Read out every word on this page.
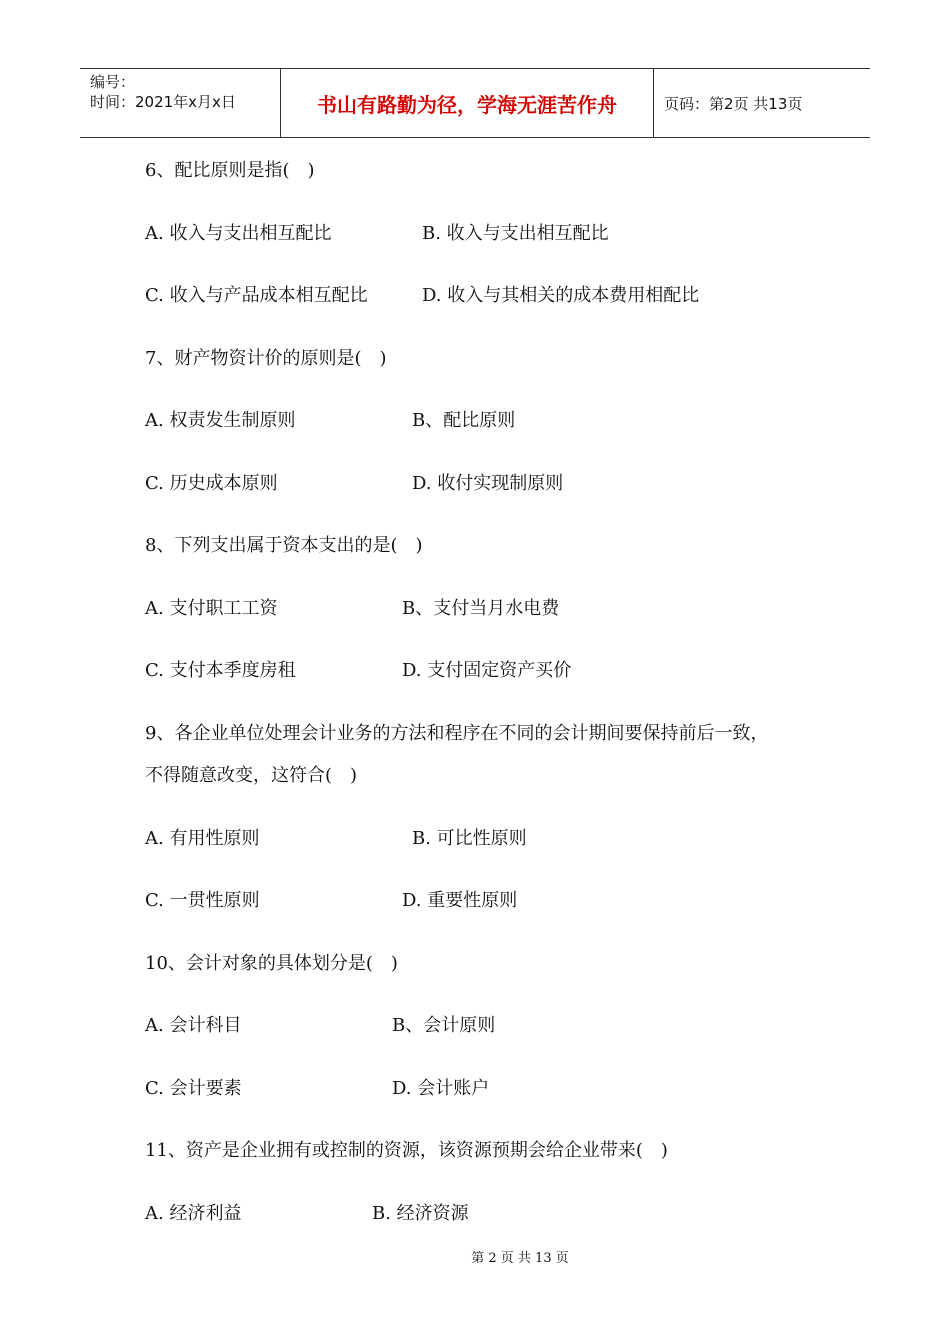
编号：
时间：2021年x月x日	书山有路勤为径，学海无涯苦作舟	页码：第2页 共13页
6、配比原则是指(　)
A. 收入与支出相互配比	B. 收入与支出相互配比
C. 收入与产品成本相互配比	D. 收入与其相关的成本费用相配比
7、财产物资计价的原则是(　)
A. 权责发生制原则	B、配比原则
C. 历史成本原则	D. 收付实现制原则
8、下列支出属于资本支出的是(　)
A. 支付职工工资	B、支付当月水电费
C. 支付本季度房租	D. 支付固定资产买价
9、各企业单位处理会计业务的方法和程序在不同的会计期间要保持前后一致，
不得随意改变，这符合(　)
A. 有用性原则	B. 可比性原则
C. 一贯性原则	D. 重要性原则
10、会计对象的具体划分是(　)
A. 会计科目	B、会计原则
C. 会计要素	D. 会计账户
11、资产是企业拥有或控制的资源，该资源预期会给企业带来(　)
A. 经济利益	B. 经济资源
第 2 页 共 13 页
